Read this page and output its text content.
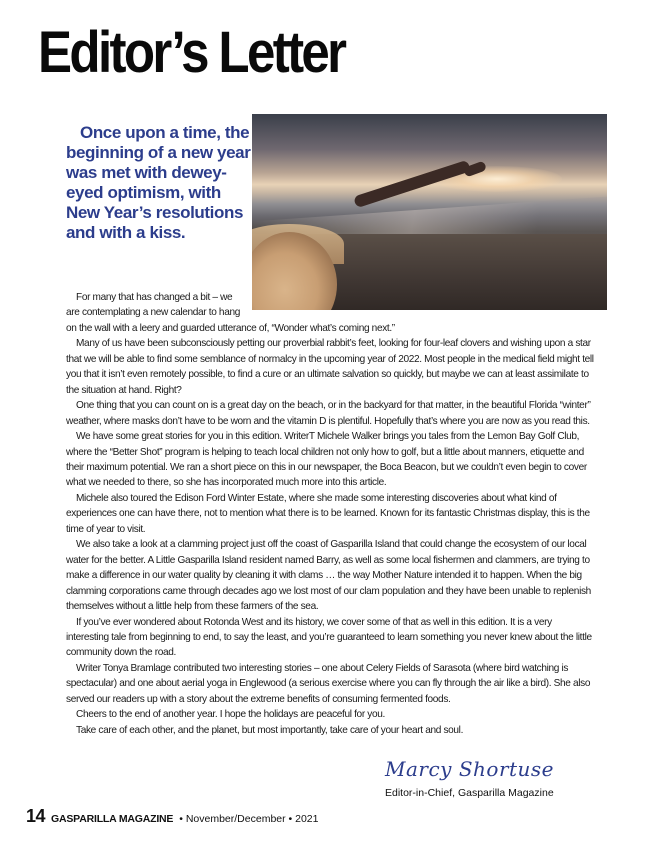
Editor’s Letter

Once upon a time, the beginning of a new year was met with dewey-eyed optimism, with New Year’s resolutions and with a kiss.

For many that has changed a bit – we are contemplating a new calendar to hang on the wall with a leery and guarded utterance of, “Wonder what’s coming next.”

Many of us have been subconsciously petting our proverbial rabbit’s feet, looking for four-leaf clovers and wishing upon a star that we will be able to find some semblance of normalcy in the upcoming year of 2022. Most people in the medical field might tell you that it isn’t even remotely possible, to find a cure or an ultimate salvation so quickly, but maybe we can at least assimilate to the situation at hand. Right?

One thing that you can count on is a great day on the beach, or in the backyard for that matter, in the beautiful Florida “winter” weather, where masks don’t have to be worn and the vitamin D is plentiful. Hopefully that’s where you are now as you read this.

We have some great stories for you in this edition. WriterT Michele Walker brings you tales from the Lemon Bay Golf Club, where the “Better Shot” program is helping to teach local children not only how to golf, but a little about manners, etiquette and their maximum potential. We ran a short piece on this in our newspaper, the Boca Beacon, but we couldn’t even begin to cover what we needed to there, so she has incorporated much more into this article.

Michele also toured the Edison Ford Winter Estate, where she made some interesting discoveries about what kind of experiences one can have there, not to mention what there is to be learned. Known for its fantastic Christmas display, this is the time of year to visit.

We also take a look at a clamming project just off the coast of Gasparilla Island that could change the ecosystem of our local water for the better. A Little Gasparilla Island resident named Barry, as well as some local fishermen and clammers, are trying to make a difference in our water quality by cleaning it with clams … the way Mother Nature intended it to happen. When the big clamming corporations came through decades ago we lost most of our clam population and they have been unable to replenish themselves without a little help from these farmers of the sea.

If you’ve ever wondered about Rotonda West and its history, we cover some of that as well in this edition. It is a very interesting tale from beginning to end, to say the least, and you’re guaranteed to learn something you never knew about the little community down the road.

Writer Tonya Bramlage contributed two interesting stories – one about Celery Fields of Sarasota (where bird watching is spectacular) and one about aerial yoga in Englewood (a serious exercise where you can fly through the air like a bird). She also served our readers up with a story about the extreme benefits of consuming fermented foods.

Cheers to the end of another year. I hope the holidays are peaceful for you.

Take care of each other, and the planet, but most importantly, take care of your heart and soul.

Marcy Shortuse
Editor-in-Chief, Gasparilla Magazine
14 GASPARILLA MAGAZINE • November/December • 2021
